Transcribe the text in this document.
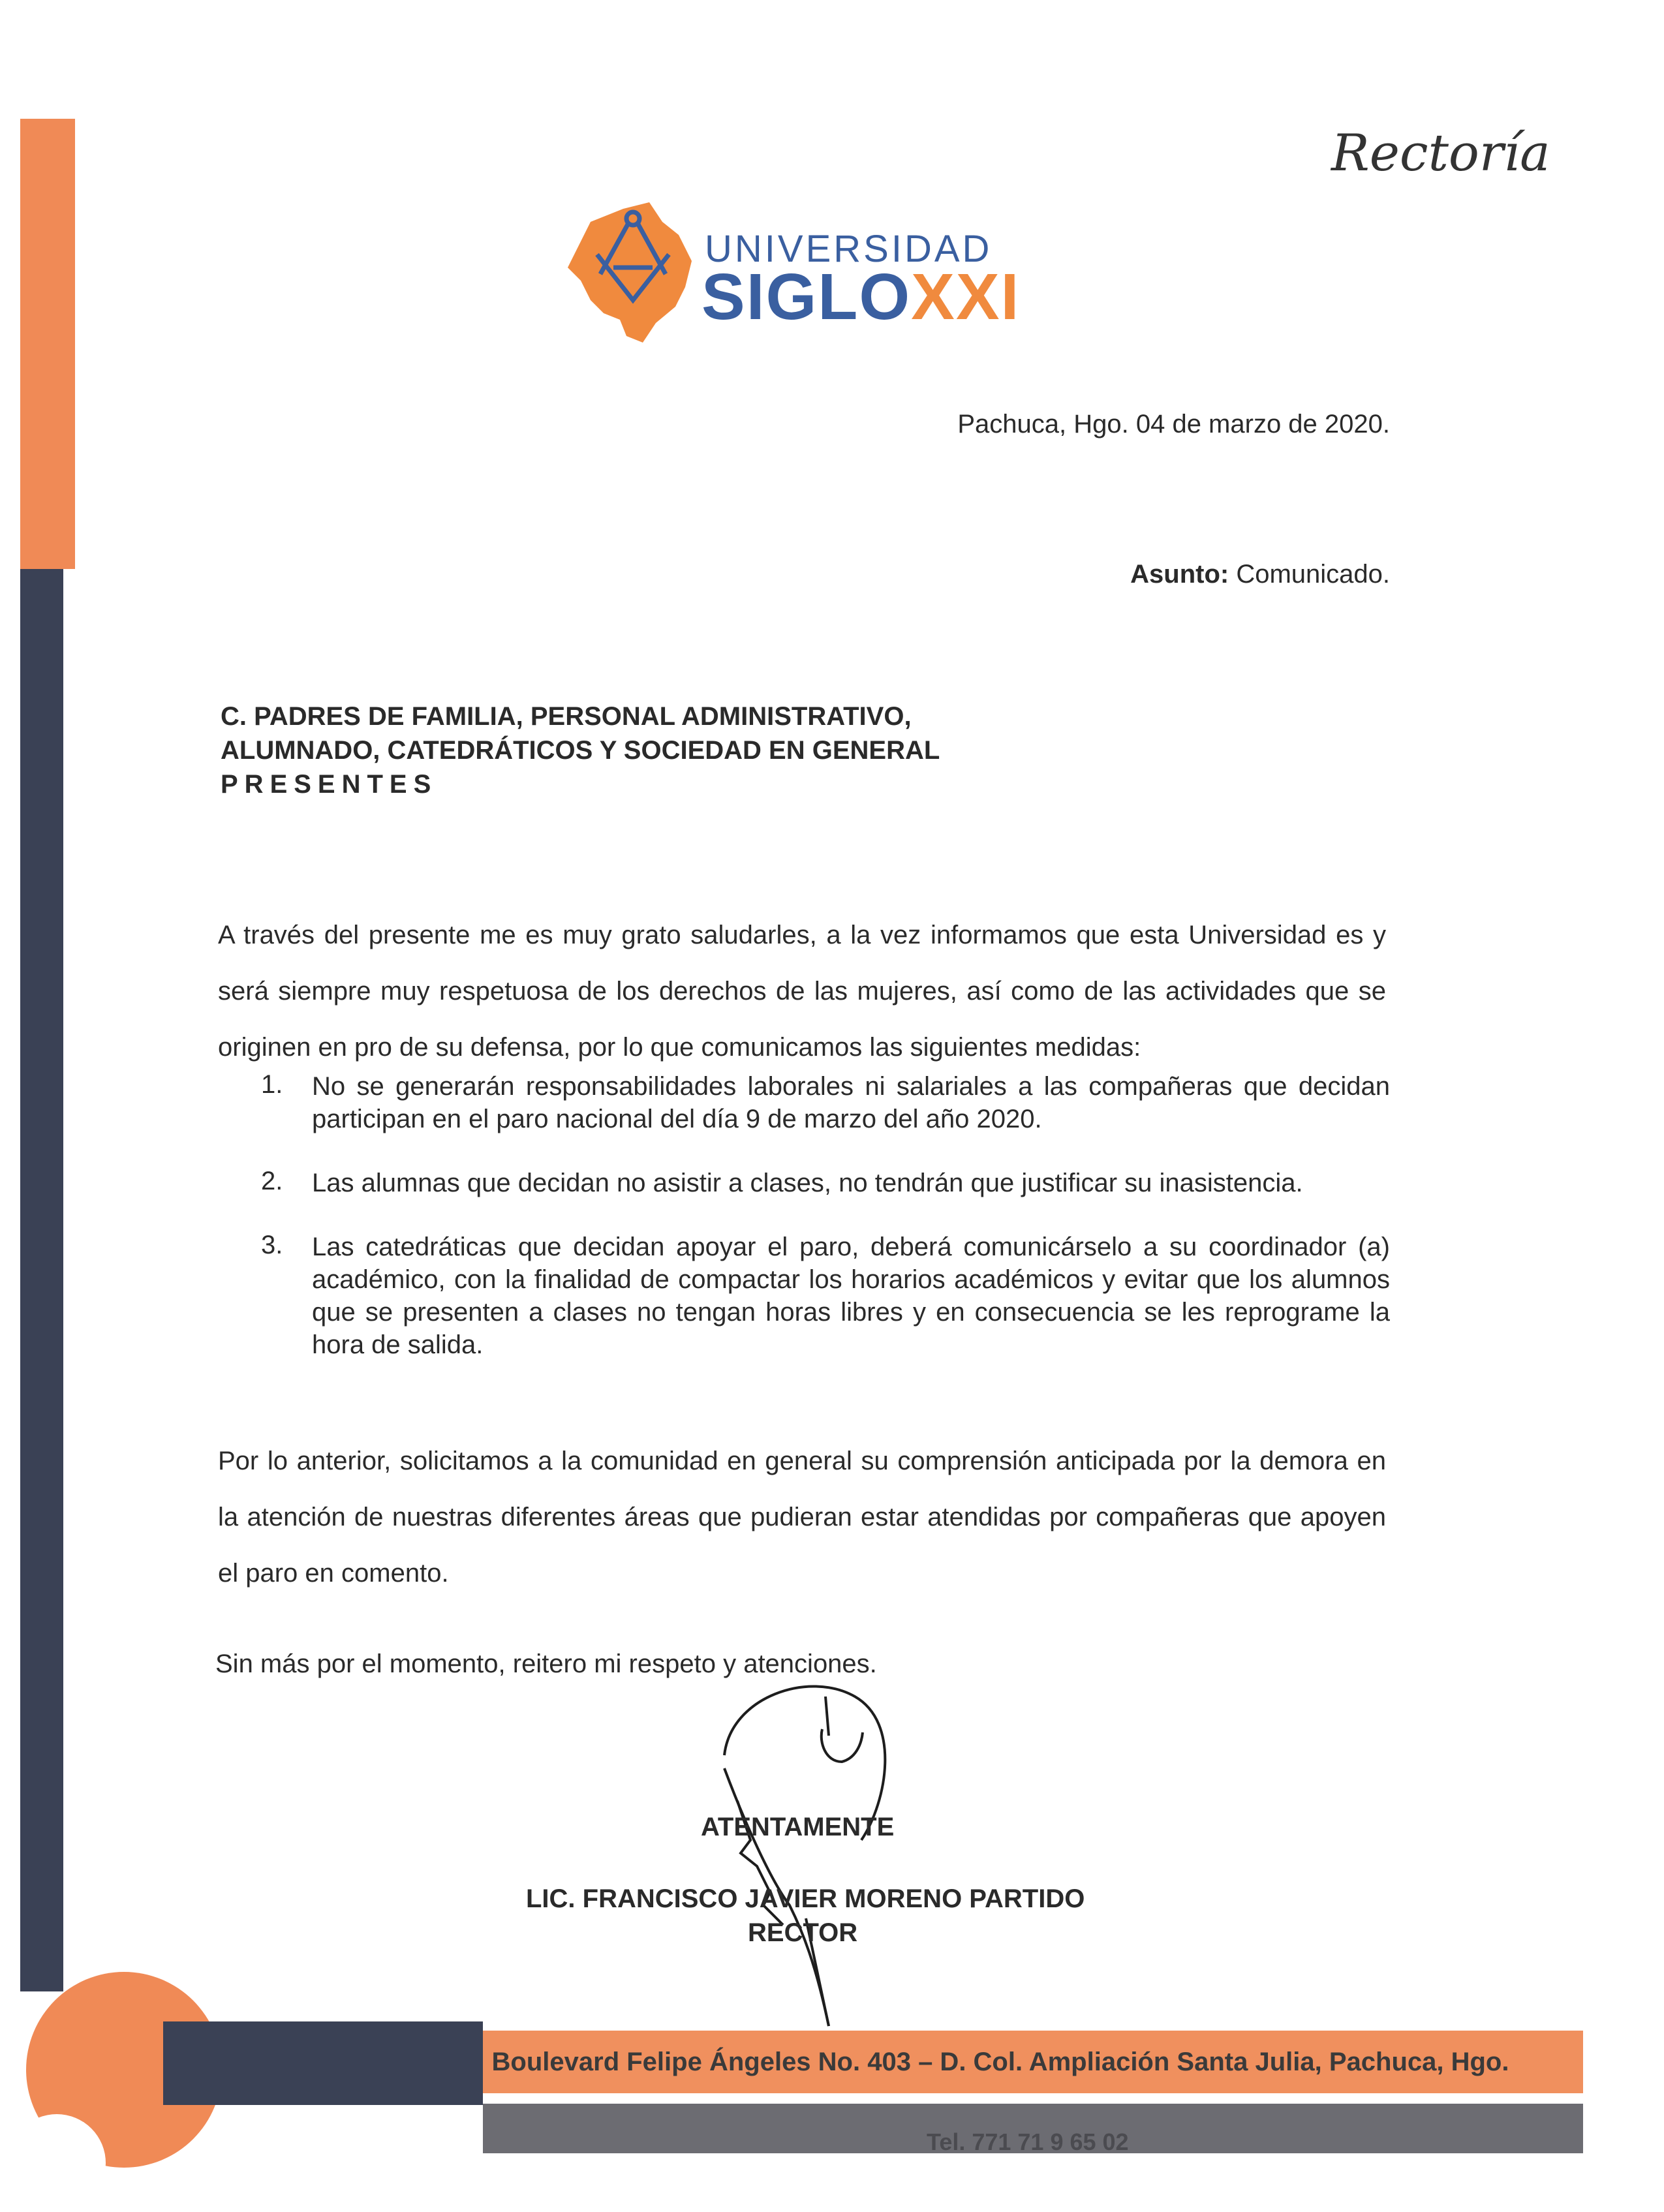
Rectoría
UNIVERSIDAD
SIGLOXXI
Pachuca, Hgo. 04 de marzo de 2020.
Asunto: Comunicado.
C. PADRES DE FAMILIA, PERSONAL ADMINISTRATIVO,
ALUMNADO, CATEDRÁTICOS Y SOCIEDAD EN GENERAL
PRESENTES
A través del presente me es muy grato saludarles, a la vez informamos que esta Universidad es y será siempre muy respetuosa de los derechos de las mujeres, así como de las actividades que se originen en pro de su defensa, por lo que comunicamos las siguientes medidas:
1.	No se generarán responsabilidades laborales ni salariales a las compañeras que decidan participan en el paro nacional del día 9 de marzo del año 2020.
2.	Las alumnas que decidan no asistir a clases, no tendrán que justificar su inasistencia.
3.	Las catedráticas que decidan apoyar el paro, deberá comunicárselo a su coordinador (a) académico, con la finalidad de compactar los horarios académicos y evitar que los alumnos que se presenten a clases no tengan horas libres y en consecuencia se les reprograme la hora de salida.
Por lo anterior, solicitamos a la comunidad en general su comprensión anticipada por la demora en la atención de nuestras diferentes áreas que pudieran estar atendidas por compañeras que apoyen el paro en comento.
Sin más por el momento, reitero mi respeto y atenciones.
ATENTAMENTE
LIC. FRANCISCO JAVIER MORENO PARTIDO
RECTOR
Boulevard Felipe Ángeles No. 403 – D. Col. Ampliación Santa Julia, Pachuca, Hgo.
Tel. 771 71 9 65 02
